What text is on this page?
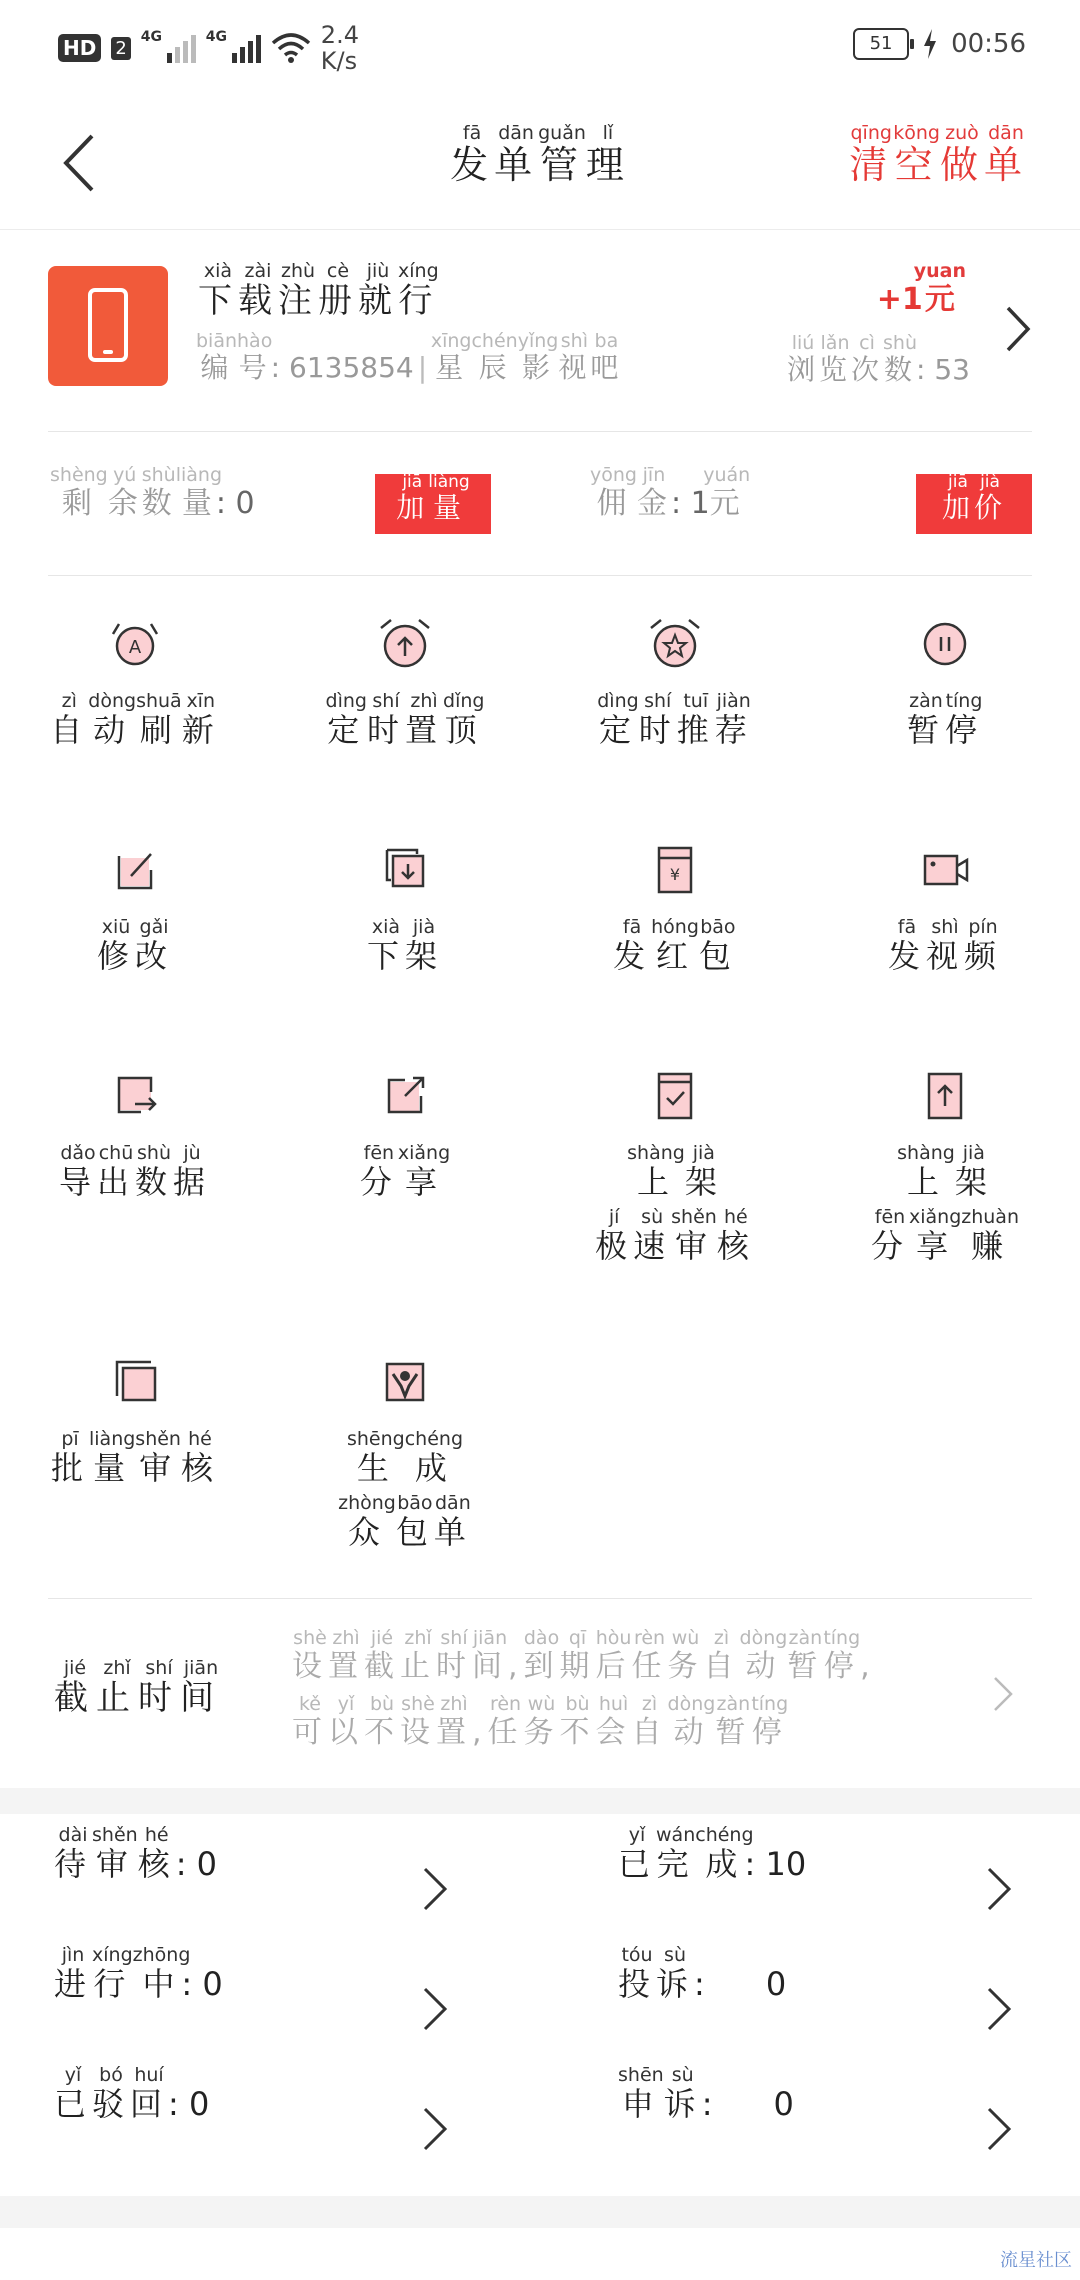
HD 2
4G	4G	2.4
K/s
51	00:56
发fā单dān管guǎn理lǐ
清qīng空kōng做zuò单dān
下xià载zài注zhù册cè就jiù行xíng
编biān号hào: 6135854 |星xīng辰chén影yǐng视shì吧ba
+1元yuan
浏liú览lǎn次cì数shù: 53
剩shèng余yú数shù量liàng: 0	加jiā量liàng
佣yōng金jīn: 1元yuán
加jiā价jià
A
自zì动dòng刷shuā新xīn
定dìng时shí置zhì顶dǐng
定dìng时shí推tuī荐jiàn
暂zàn停tíng
修xiū改gǎi
下xià架jià
¥
发fā红hóng包bāo
发fā视shì频pín
导dǎo出chū数shù据jù
分fēn享xiǎng
上shàng架jià
极jí速sù审shěn核hé
上shàng架jià
分fēn享xiǎng赚zhuàn
批pī量liàng审shěn核hé
生shēng成chéng
众zhòng包bāo单dān
截jié止zhǐ时shí间jiān 设shè置zhì截jié止zhǐ时shí间jiān,到dào期qī后hòu任rèn务wù自zì动dòng暂zàn停tíng,
可kě以yǐ不bù设shè置zhì,任rèn务wù不bù会huì自zì动dòng暂zàn停tíng
待dài审shěn核hé: 0	已yǐ完wán成chéng: 10
进jìn行xíng中zhōng: 0	投tóu诉sù:      0
已yǐ驳bó回huí: 0	申shēn诉sù:      0
流星社区
